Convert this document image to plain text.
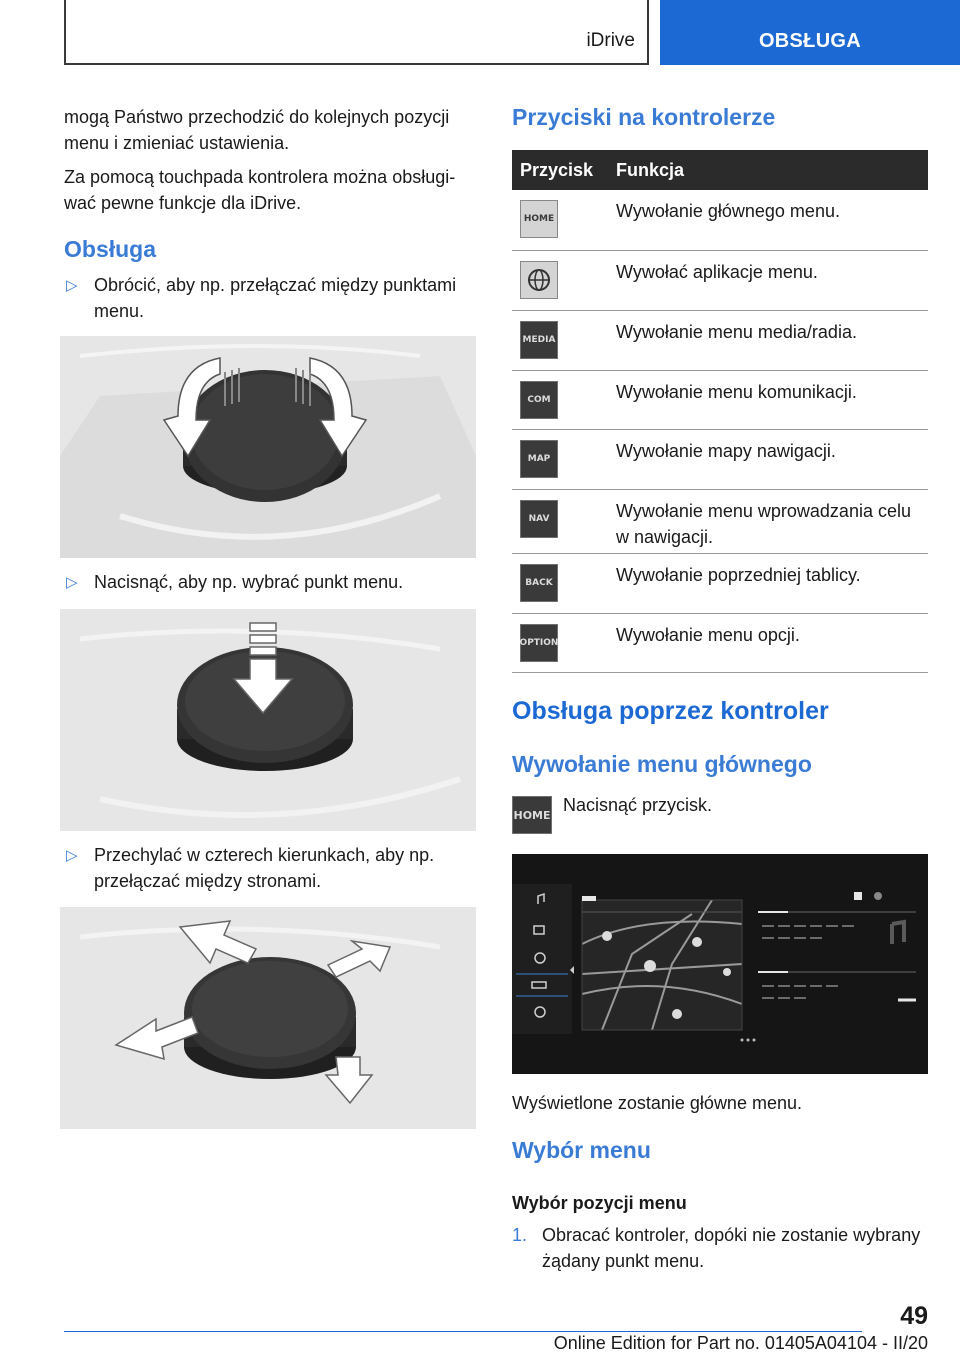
iDrive	OBSŁUGA

mogą Państwo przechodzić do kolejnych pozycji menu i zmieniać ustawienia.

Za pomocą touchpada kontrolera można obsługiwać pewne funkcje dla iDrive.

Obsługa
▷ Obrócić, aby np. przełączać między punktami menu.
▷ Nacisnąć, aby np. wybrać punkt menu.
▷ Przechylać w czterech kierunkach, aby np. przełączać między stronami.
Przyciski na kontrolerze
Przycisk	Funkcja

HOME	Wywołanie głównego menu.

	Wywołać aplikacje menu.

MEDIA	Wywołanie menu media/radia.

COM	Wywołanie menu komunikacji.

MAP	Wywołanie mapy nawigacji.

NAV	Wywołanie menu wprowadzania celu w nawigacji.

BACK	Wywołanie poprzedniej tablicy.

OPTION	Wywołanie menu opcji.
Obsługa poprzez kontroler
Wywołanie menu głównego
HOME Nacisnąć przycisk.
Wyświetlone zostanie główne menu.
Wybór menu
Wybór pozycji menu
1. Obracać kontroler, dopóki nie zostanie wybrany żądany punkt menu.

49
Online Edition for Part no. 01405A04104 - II/20
